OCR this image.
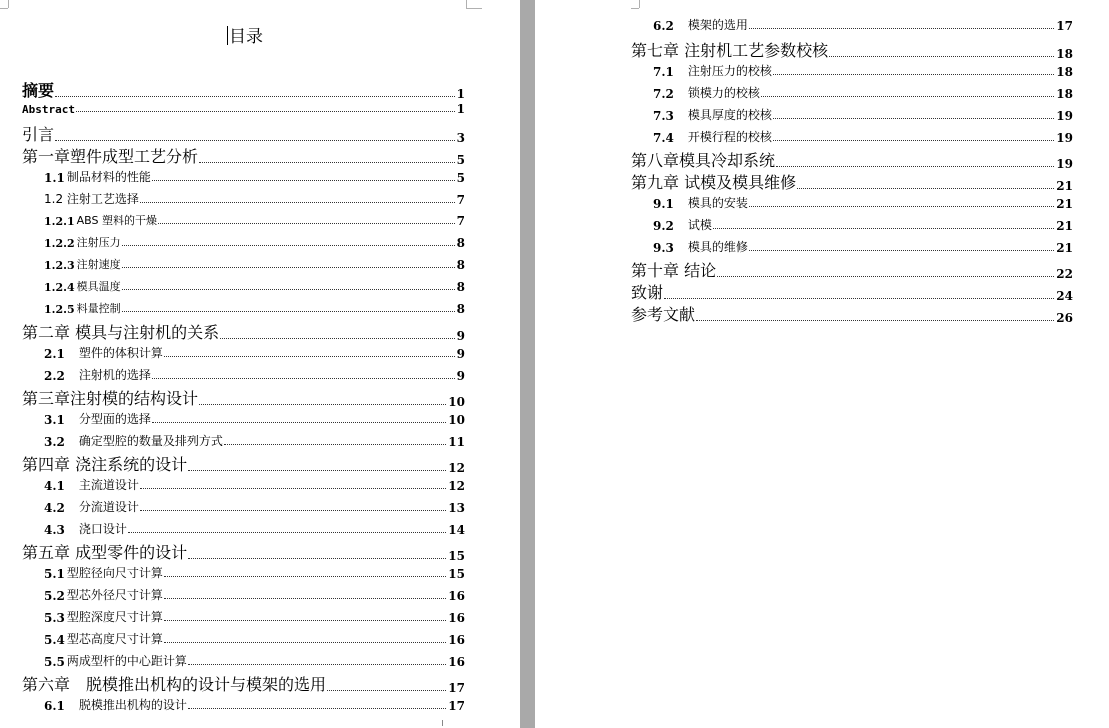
目录
摘要	1
Abstract	1
引言	3
第一章塑件成型工艺分析	5
1.1 制品材料的性能	5
1.2 注射工艺选择	7
1.2.1 ABS 塑料的干燥	7
1.2.2 注射压力	8
1.2.3 注射速度	8
1.2.4 模具温度	8
1.2.5 料量控制	8
第二章 模具与注射机的关系	9
2.1 塑件的体积计算	9
2.2 注射机的选择	9
第三章注射模的结构设计	10
3.1 分型面的选择	10
3.2 确定型腔的数量及排列方式	11
第四章 浇注系统的设计	12
4.1 主流道设计	12
4.2 分流道设计	13
4.3 浇口设计	14
第五章 成型零件的设计	15
5.1 型腔径向尺寸计算	15
5.2 型芯外径尺寸计算	16
5.3 型腔深度尺寸计算	16
5.4 型芯高度尺寸计算	16
5.5 两成型杆的中心距计算	16
第六章　脱模推出机构的设计与模架的选用	17
6.1 脱模推出机构的设计	17
6.2 模架的选用	17
第七章 注射机工艺参数校核	18
7.1 注射压力的校核	18
7.2 锁模力的校核	18
7.3 模具厚度的校核	19
7.4 开模行程的校核	19
第八章模具冷却系统	19
第九章 试模及模具维修	21
9.1 模具的安装	21
9.2 试模	21
9.3 模具的维修	21
第十章 结论	22
致谢	24
参考文献	26
